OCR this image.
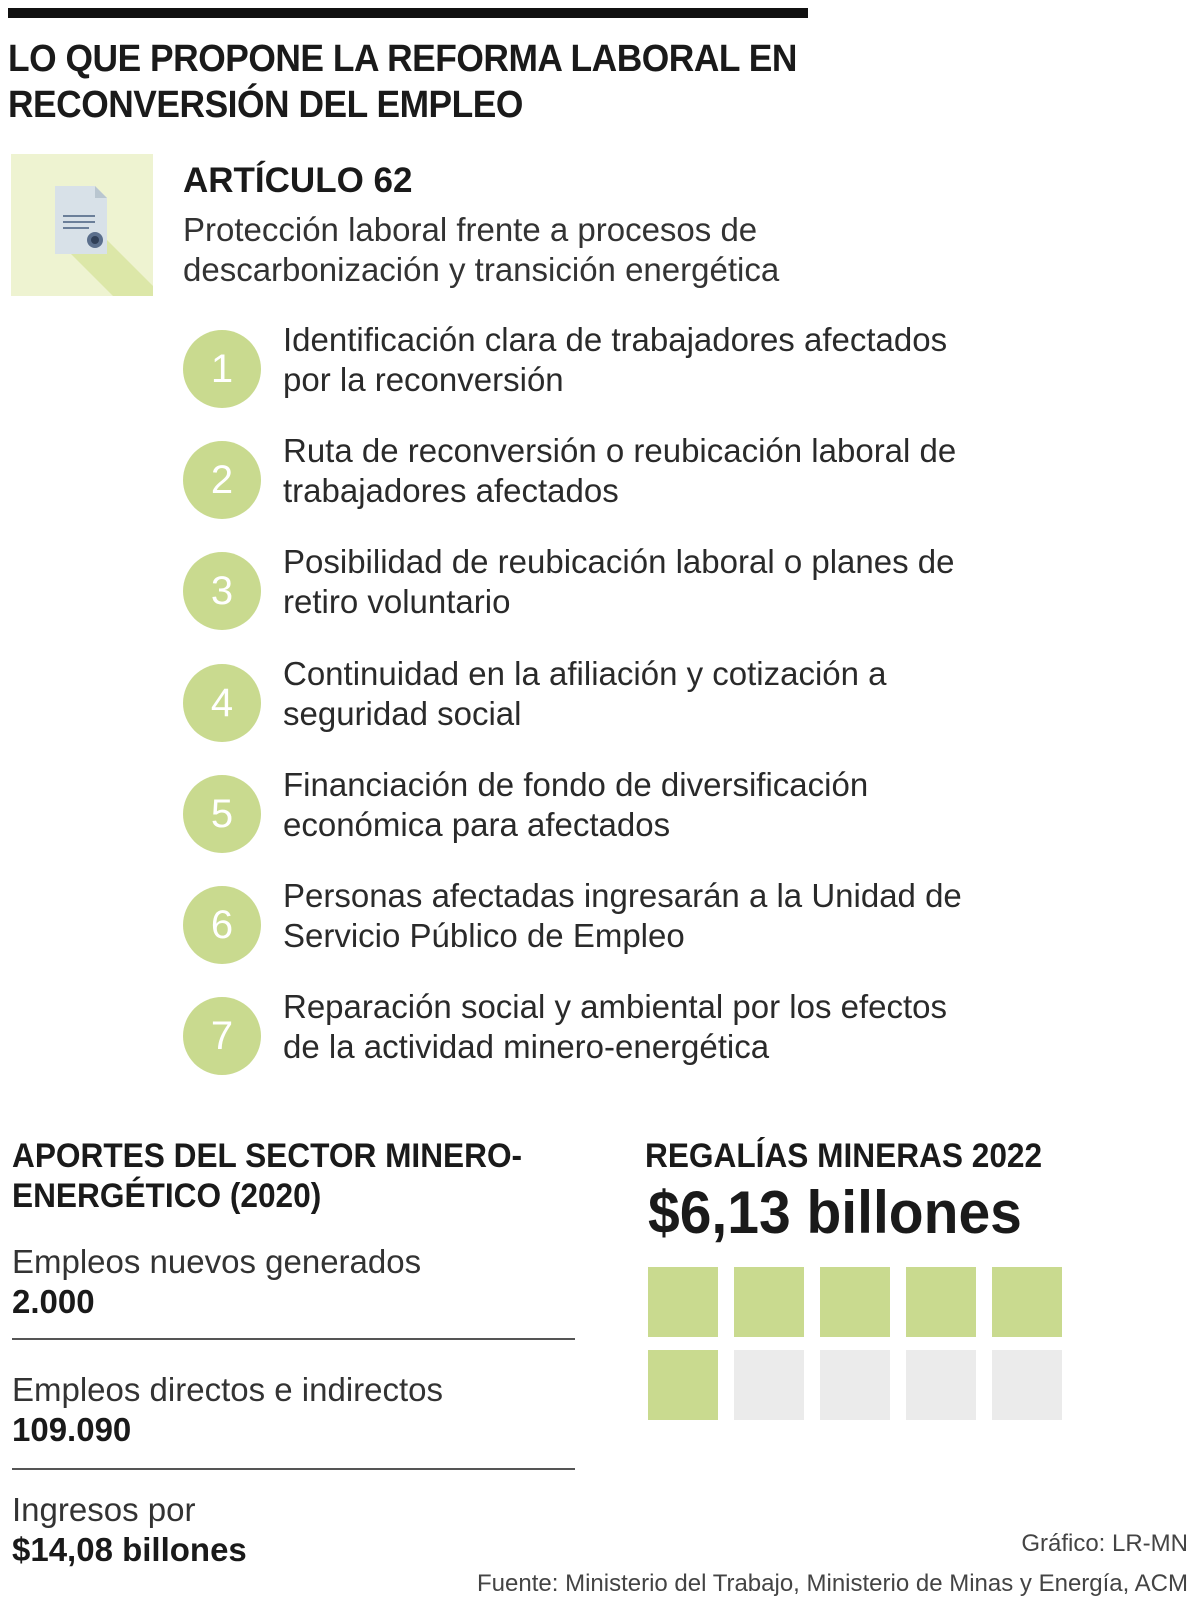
LO QUE PROPONE LA REFORMA LABORAL EN RECONVERSIÓN DEL EMPLEO
ARTÍCULO 62
Protección laboral frente a procesos de descarbonización y transición energética
1
Identificación clara de trabajadores afectados por la reconversión
2
Ruta de reconversión o reubicación laboral de trabajadores afectados
3
Posibilidad de reubicación laboral o planes de retiro voluntario
4
Continuidad en la afiliación y cotización a seguridad social
5
Financiación de fondo de diversificación económica para afectados
6
Personas afectadas ingresarán a la Unidad de Servicio Público de Empleo
7
Reparación social y ambiental por los efectos de la actividad minero-energética
APORTES DEL SECTOR MINERO-ENERGÉTICO (2020)
Empleos nuevos generados
2.000
Empleos directos e indirectos
109.090
Ingresos por
$14,08 billones
REGALÍAS MINERAS 2022
$6,13 billones
Gráfico: LR-MN
Fuente: Ministerio del Trabajo, Ministerio de Minas y Energía, ACM
